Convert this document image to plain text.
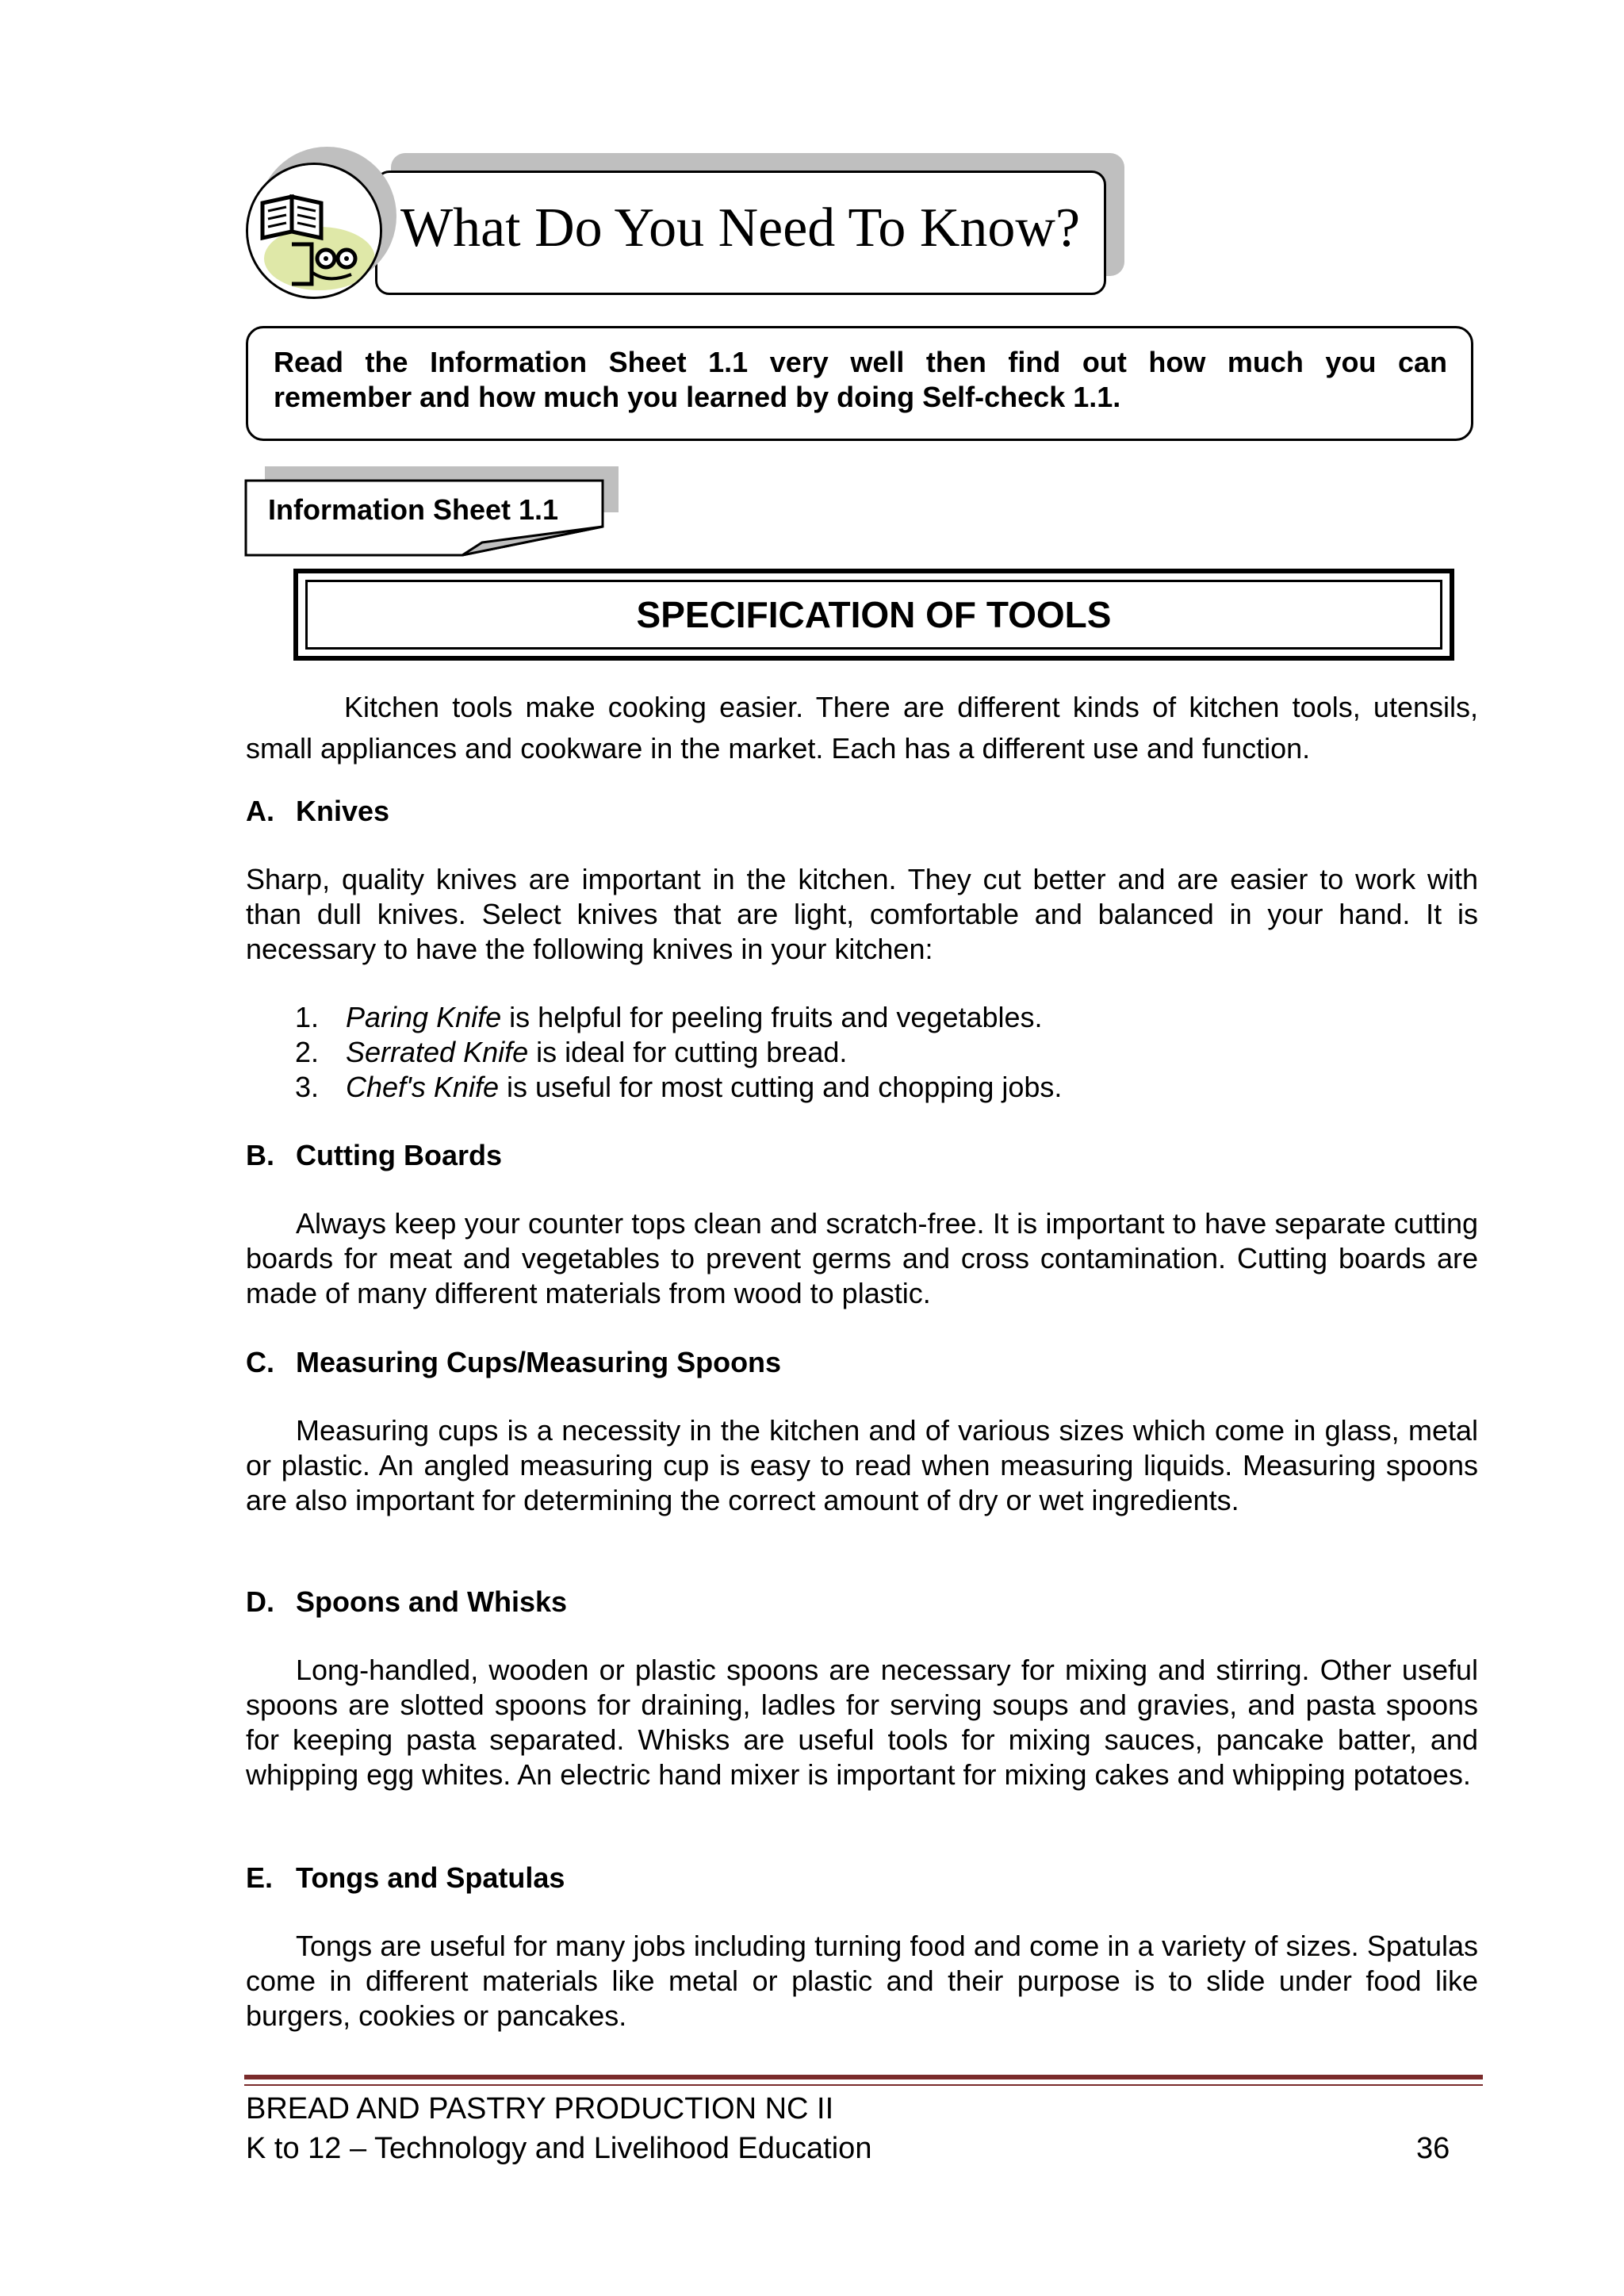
What Do You Need To Know?

Read the Information Sheet 1.1 very well then find out how much you can

remember and how much you learned by doing Self-check 1.1.

Information Sheet 1.1
SPECIFICATION OF TOOLS

Kitchen tools make cooking easier. There are different kinds of kitchen tools, utensils, small appliances and cookware in the market. Each has a different use and function.

A. Knives

Sharp, quality knives are important in the kitchen. They cut better and are easier to work with than dull knives. Select knives that are light, comfortable and balanced in your hand. It is necessary to have the following knives in your kitchen:

1. Paring Knife is helpful for peeling fruits and vegetables.
2. Serrated Knife is ideal for cutting bread.
3. Chef's Knife is useful for most cutting and chopping jobs.

B. Cutting Boards

Always keep your counter tops clean and scratch-free. It is important to have separate cutting boards for meat and vegetables to prevent germs and cross contamination. Cutting boards are made of many different materials from wood to plastic.

C. Measuring Cups/Measuring Spoons

Measuring cups is a necessity in the kitchen and of various sizes which come in glass, metal or plastic. An angled measuring cup is easy to read when measuring liquids. Measuring spoons are also important for determining the correct amount of dry or wet ingredients.

D. Spoons and Whisks

Long-handled, wooden or plastic spoons are necessary for mixing and stirring. Other useful spoons are slotted spoons for draining, ladles for serving soups and gravies, and pasta spoons for keeping pasta separated. Whisks are useful tools for mixing sauces, pancake batter, and whipping egg whites. An electric hand mixer is important for mixing cakes and whipping potatoes.

E. Tongs and Spatulas

Tongs are useful for many jobs including turning food and come in a variety of sizes. Spatulas come in different materials like metal or plastic and their purpose is to slide under food like burgers, cookies or pancakes.

BREAD AND PASTRY PRODUCTION NC II
K to 12 – Technology and Livelihood Education	36
